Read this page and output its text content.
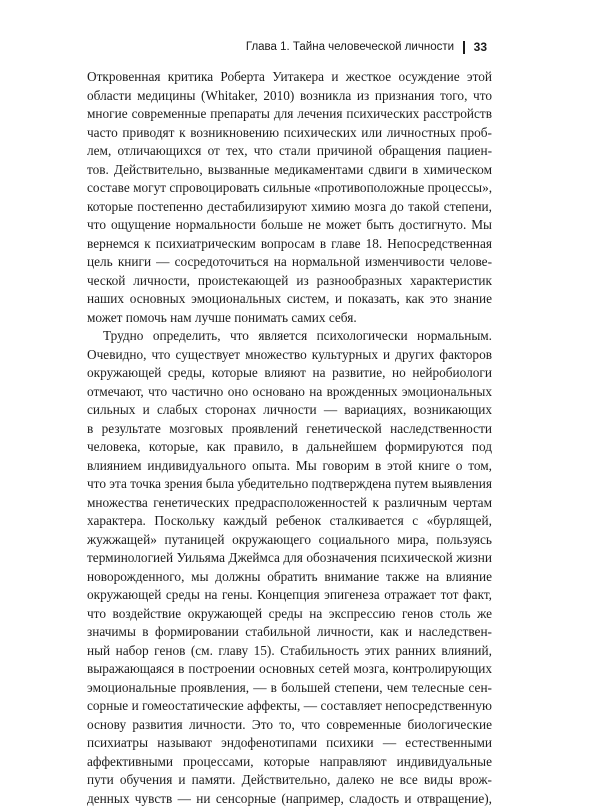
Глава 1. Тайна человеческой личности 33
Откровенная критика Роберта Уитакера и жесткое осуждение этой
области медицины (Whitaker, 2010) возникла из признания того, что
многие современные препараты для лечения психических расстройств
часто приводят к возникновению психических или личностных проб-
лем, отличающихся от тех, что стали причиной обращения пациен-
тов. Действительно, вызванные медикаментами сдвиги в химическом
составе могут спровоцировать сильные «противоположные процессы»,
которые постепенно дестабилизируют химию мозга до такой степени,
что ощущение нормальности больше не может быть достигнуто. Мы
вернемся к психиатрическим вопросам в главе 18. Непосредственная
цель книги — сосредоточиться на нормальной изменчивости челове-
ческой личности, проистекающей из разнообразных характеристик
наших основных эмоциональных систем, и показать, как это знание
может помочь нам лучше понимать самих себя.
Трудно определить, что является психологически нормальным.
Очевидно, что существует множество культурных и других факторов
окружающей среды, которые влияют на развитие, но нейробиологи
отмечают, что частично оно основано на врожденных эмоциональных
сильных и слабых сторонах личности — вариациях, возникающих
в результате мозговых проявлений генетической наследственности
человека, которые, как правило, в дальнейшем формируются под
влиянием индивидуального опыта. Мы говорим в этой книге о том,
что эта точка зрения была убедительно подтверждена путем выявления
множества генетических предрасположенностей к различным чертам
характера. Поскольку каждый ребенок сталкивается с «бурлящей,
жужжащей» путаницей окружающего социального мира, пользуясь
терминологией Уильяма Джеймса для обозначения психической жизни
новорожденного, мы должны обратить внимание также на влияние
окружающей среды на гены. Концепция эпигенеза отражает тот факт,
что воздействие окружающей среды на экспрессию генов столь же
значимы в формировании стабильной личности, как и наследствен-
ный набор генов (см. главу 15). Стабильность этих ранних влияний,
выражающаяся в построении основных сетей мозга, контролирующих
эмоциональные проявления, — в большей степени, чем телесные сен-
сорные и гомеостатические аффекты, — составляет непосредственную
основу развития личности. Это то, что современные биологические
психиатры называют эндофенотипами психики — естественными
аффективными процессами, которые направляют индивидуальные
пути обучения и памяти. Действительно, далеко не все виды врож-
денных чувств — ни сенсорные (например, сладость и отвращение),
